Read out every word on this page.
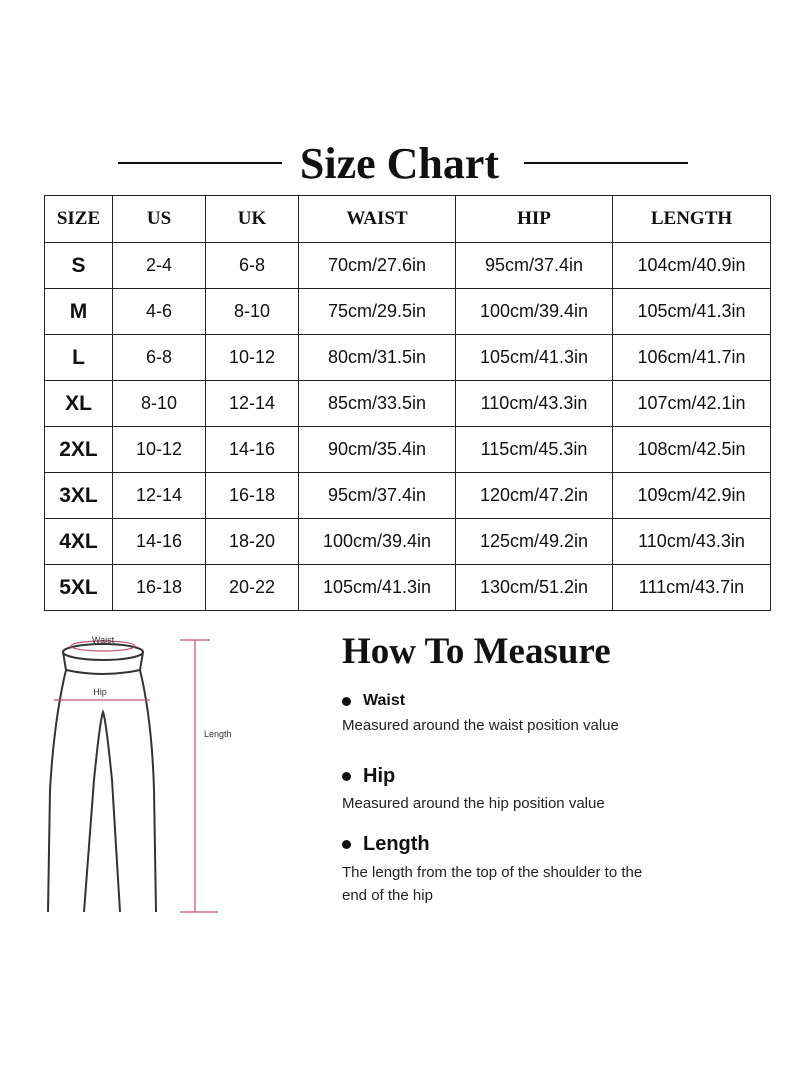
Size Chart
SIZE	US	UK	WAIST	HIP	LENGTH
S	2-4	6-8	70cm/27.6in	95cm/37.4in	104cm/40.9in
M	4-6	8-10	75cm/29.5in	100cm/39.4in	105cm/41.3in
L	6-8	10-12	80cm/31.5in	105cm/41.3in	106cm/41.7in
XL	8-10	12-14	85cm/33.5in	110cm/43.3in	107cm/42.1in
2XL	10-12	14-16	90cm/35.4in	115cm/45.3in	108cm/42.5in
3XL	12-14	16-18	95cm/37.4in	120cm/47.2in	109cm/42.9in
4XL	14-16	18-20	100cm/39.4in	125cm/49.2in	110cm/43.3in
5XL	16-18	20-22	105cm/41.3in	130cm/51.2in	111cm/43.7in
Waist
Hip
Length
How To Measure
Waist
Measured around the waist position value
Hip
Measured around the hip position value
Length
The length from the top of the shoulder to the end of the hip
